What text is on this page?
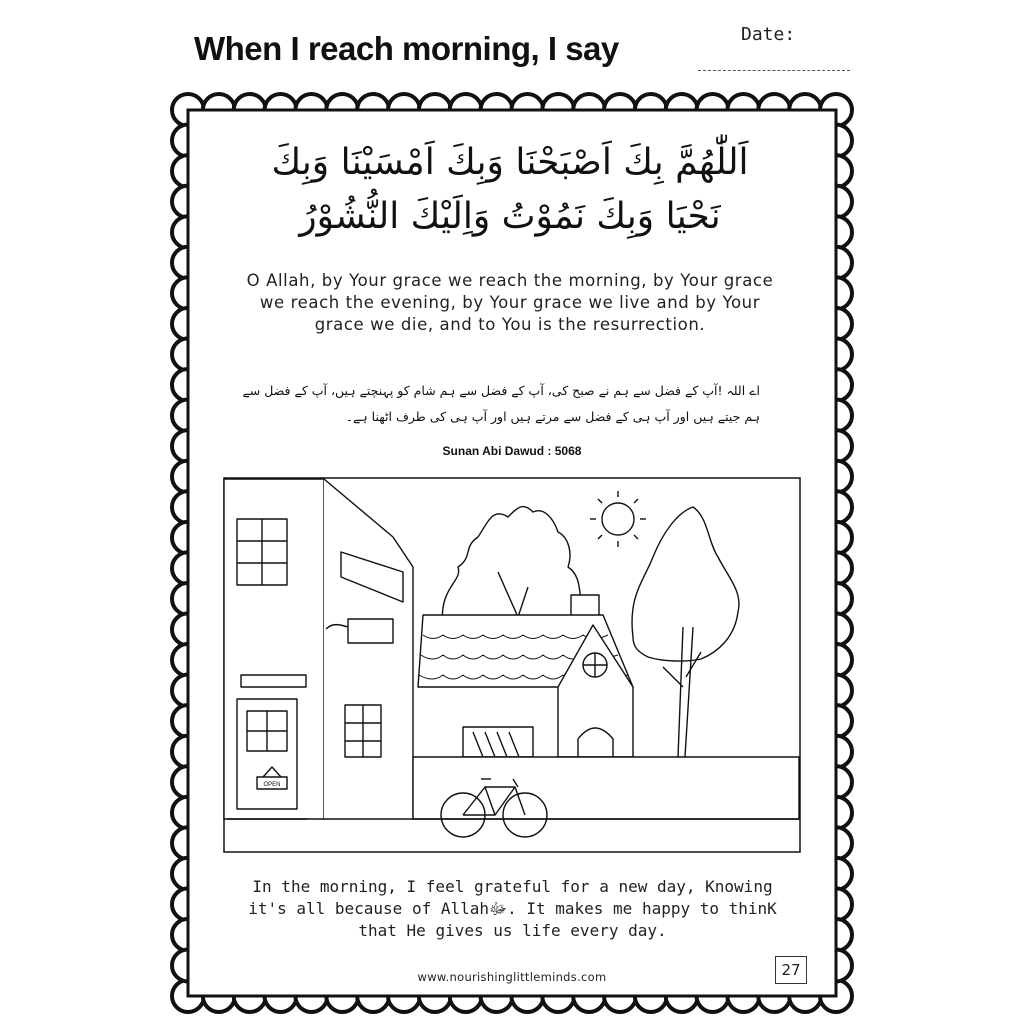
When I reach morning, I say	Date:
اَللّٰهُمَّ بِكَ اَصْبَحْنَا وَبِكَ اَمْسَيْنَا وَبِكَ
نَحْيَا وَبِكَ نَمُوْتُ وَاِلَيْكَ النُّشُوْرُ
O Allah, by Your grace we reach the morning, by Your grace we reach the evening, by Your grace we live and by Your grace we die, and to You is the resurrection.
اے اللہ !آپ کے فضل سے ہم نے صبح کی، آپ کے فضل سے ہم شام کو پہنچتے ہیں، آپ کے فضل سے ہم جیتے ہیں اور آپ ہی کے فضل سے مرتے ہیں اور آپ ہی کی طرف اٹھنا ہے۔
Sunan Abi Dawud : 5068
OPEN
In the morning, I feel grateful for a new day, Knowing it's all because of Allahﷻ. It makes me happy to thinK that He gives us life every day.
www.nourishinglittleminds.com	27
